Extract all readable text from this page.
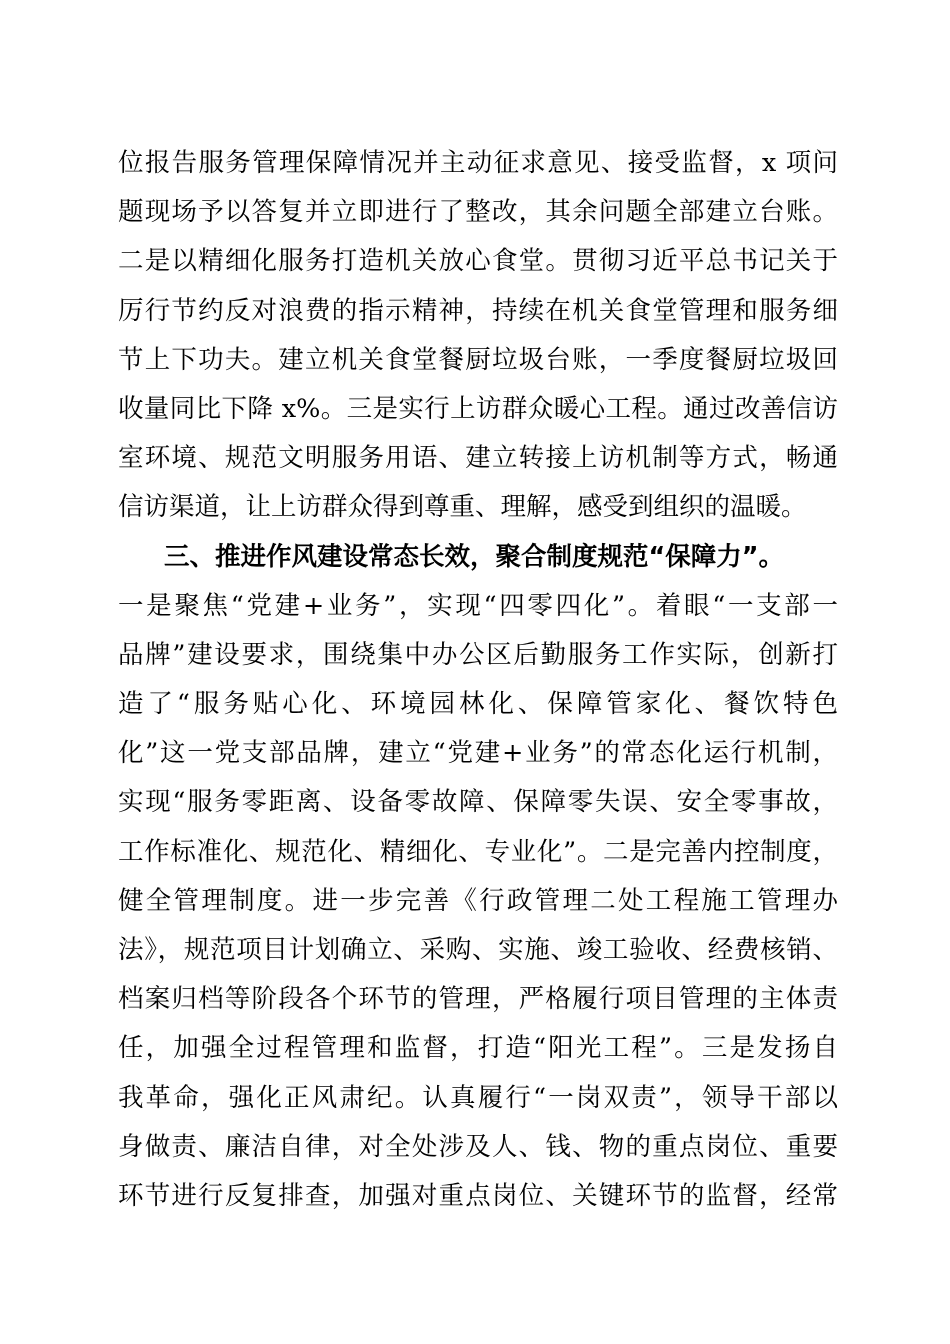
位报告服务管理保障情况并主动征求意见、接受监督，x 项问
题现场予以答复并立即进行了整改，其余问题全部建立台账。
二是以精细化服务打造机关放心食堂。贯彻习近平总书记关于
厉行节约反对浪费的指示精神，持续在机关食堂管理和服务细
节上下功夫。建立机关食堂餐厨垃圾台账，一季度餐厨垃圾回
收量同比下降 x%。三是实行上访群众暖心工程。通过改善信访
室环境、规范文明服务用语、建立转接上访机制等方式，畅通
信访渠道，让上访群众得到尊重、理解，感受到组织的温暖。
三、推进作风建设常态长效，聚合制度规范“保障力”。
一是聚焦“党建+业务”，实现“四零四化”。着眼“一支部一
品牌”建设要求，围绕集中办公区后勤服务工作实际，创新打
造了“服务贴心化、环境园林化、保障管家化、餐饮特色
化”这一党支部品牌，建立“党建+业务”的常态化运行机制，
实现“服务零距离、设备零故障、保障零失误、安全零事故，
工作标准化、规范化、精细化、专业化”。二是完善内控制度，
健全管理制度。进一步完善《行政管理二处工程施工管理办
法》，规范项目计划确立、采购、实施、竣工验收、经费核销、
档案归档等阶段各个环节的管理，严格履行项目管理的主体责
任，加强全过程管理和监督，打造“阳光工程”。三是发扬自
我革命，强化正风肃纪。认真履行“一岗双责”，领导干部以
身做责、廉洁自律，对全处涉及人、钱、物的重点岗位、重要
环节进行反复排查，加强对重点岗位、关键环节的监督，经常
